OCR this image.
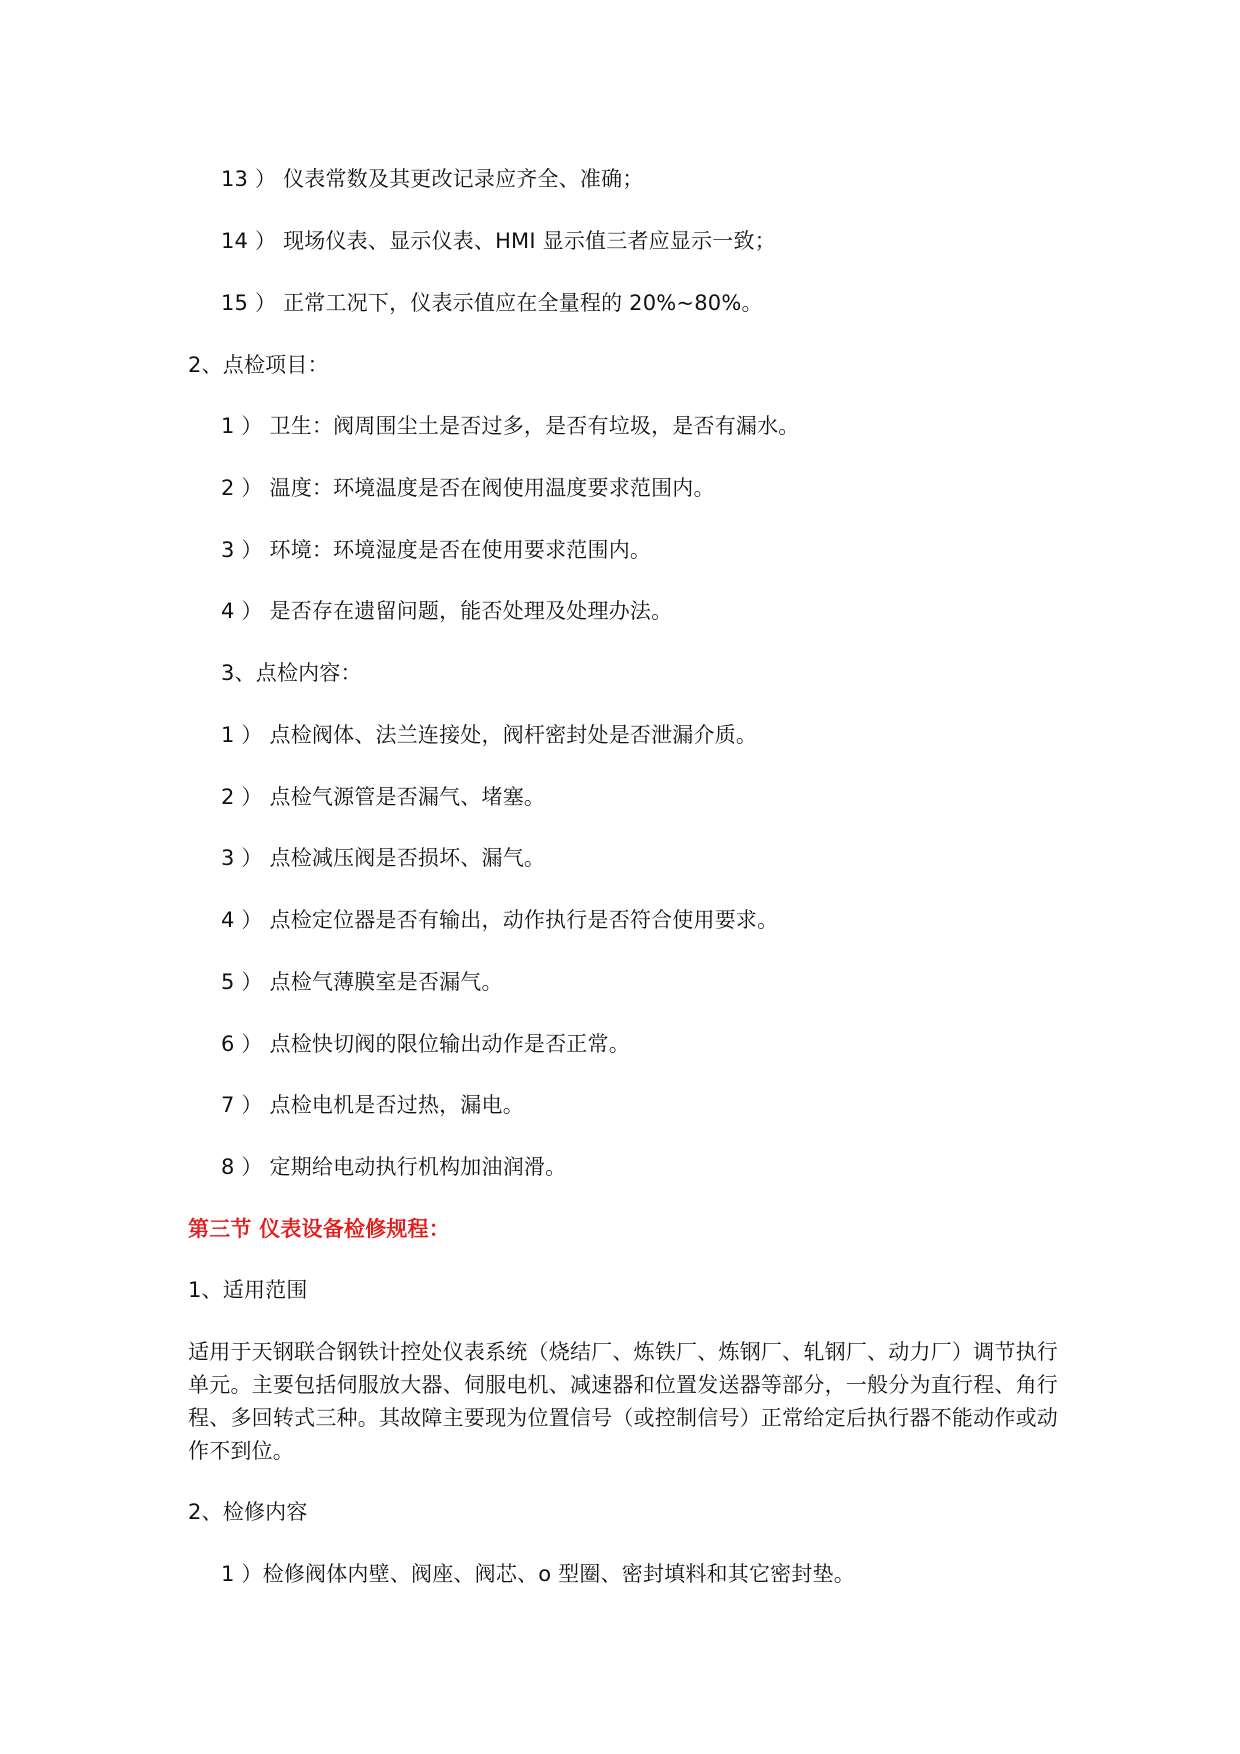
13 ） 仪表常数及其更改记录应齐全、准确；
14 ） 现场仪表、显示仪表、HMI 显示值三者应显示一致；
15 ） 正常工况下，仪表示值应在全量程的 20%~80%。
2、点检项目：
1 ） 卫生：阀周围尘土是否过多，是否有垃圾，是否有漏水。
2 ） 温度：环境温度是否在阀使用温度要求范围内。
3 ） 环境：环境湿度是否在使用要求范围内。
4 ） 是否存在遗留问题，能否处理及处理办法。
3、点检内容：
1 ） 点检阀体、法兰连接处，阀杆密封处是否泄漏介质。
2 ） 点检气源管是否漏气、堵塞。
3 ） 点检减压阀是否损坏、漏气。
4 ） 点检定位器是否有输出，动作执行是否符合使用要求。
5 ） 点检气薄膜室是否漏气。
6 ） 点检快切阀的限位输出动作是否正常。
7 ） 点检电机是否过热，漏电。
8 ） 定期给电动执行机构加油润滑。
第三节 仪表设备检修规程：
1、适用范围
适用于天钢联合钢铁计控处仪表系统（烧结厂、炼铁厂、炼钢厂、轧钢厂、动力厂）调节执行单元。主要包括伺服放大器、伺服电机、减速器和位置发送器等部分，一般分为直行程、角行程、多回转式三种。其故障主要现为位置信号（或控制信号）正常给定后执行器不能动作或动作不到位。
2、检修内容
1 ）检修阀体内壁、阀座、阀芯、o 型圈、密封填料和其它密封垫。
